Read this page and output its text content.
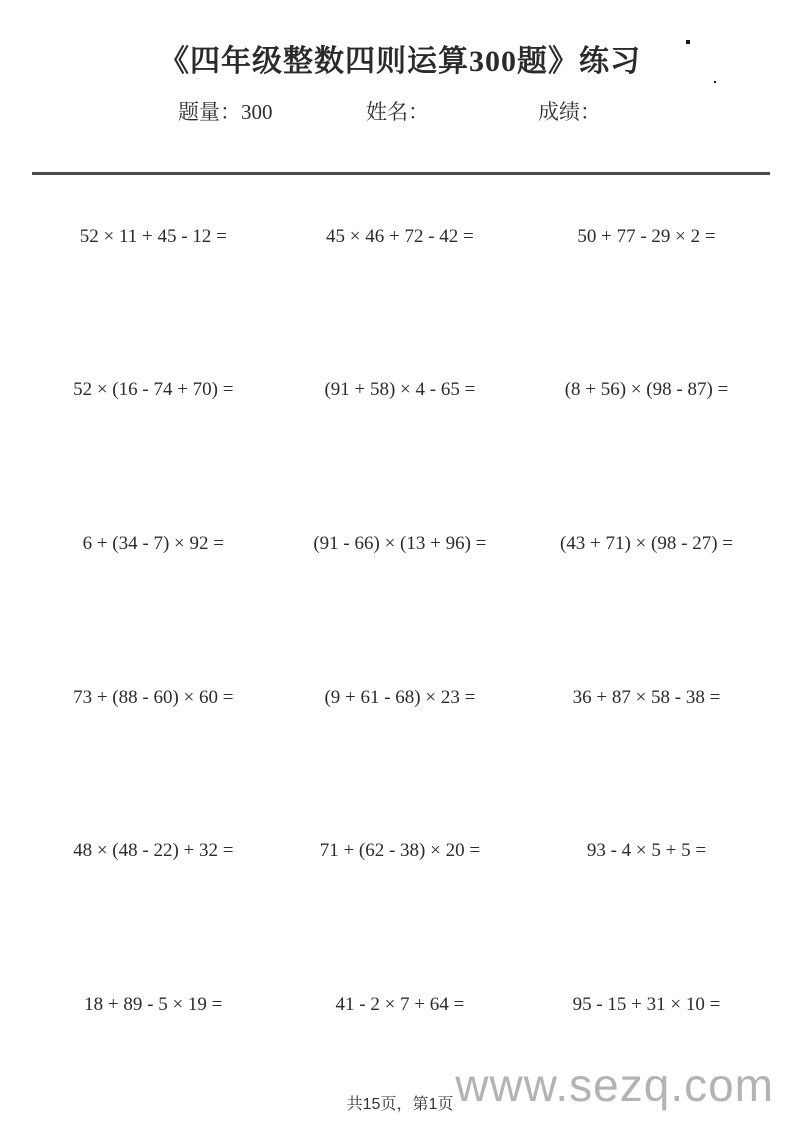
《四年级整数四则运算300题》练习
题量：300	姓名：	成绩：
52 × 11 + 45 - 12 =	45 × 46 + 72 - 42 =	50 + 77 - 29 × 2 =
52 × (16 - 74 + 70) =	(91 + 58) × 4 - 65 =	(8 + 56) × (98 - 87) =
6 + (34 - 7) × 92 =	(91 - 66) × (13 + 96) =	(43 + 71) × (98 - 27) =
73 + (88 - 60) × 60 =	(9 + 61 - 68) × 23 =	36 + 87 × 58 - 38 =
48 × (48 - 22) + 32 =	71 + (62 - 38) × 20 =	93 - 4 × 5 + 5 =
18 + 89 - 5 × 19 =	41 - 2 × 7 + 64 =	95 - 15 + 31 × 10 =
共15页，第1页 www.sezq.com
